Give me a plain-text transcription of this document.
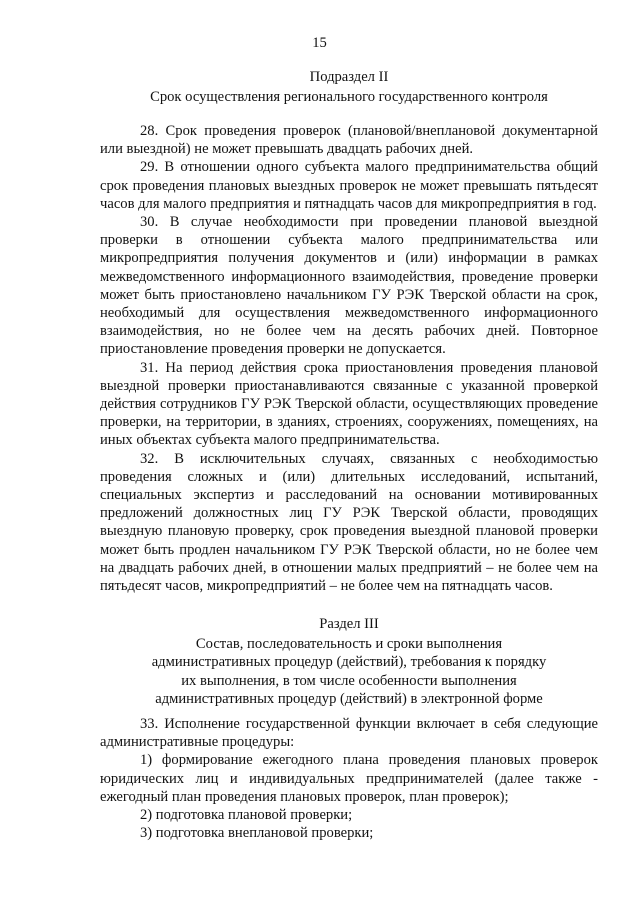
15

Подраздел II

Срок осуществления регионального государственного контроля

28. Срок проведения проверок (плановой/внеплановой документарной или выездной) не может превышать двадцать рабочих дней.

29. В отношении одного субъекта малого предпринимательства общий срок проведения плановых выездных проверок не может превышать пятьдесят часов для малого предприятия и пятнадцать часов для микропредприятия в год.

30. В случае необходимости при проведении плановой выездной проверки в отношении субъекта малого предпринимательства или микропредприятия получения документов и (или) информации в рамках межведомственного информационного взаимодействия, проведение проверки может быть приостановлено начальником ГУ РЭК Тверской области на срок, необходимый для осуществления межведомственного информационного взаимодействия, но не более чем на десять рабочих дней. Повторное приостановление проведения проверки не допускается.

31. На период действия срока приостановления проведения плановой выездной проверки приостанавливаются связанные с указанной проверкой действия сотрудников ГУ РЭК Тверской области, осуществляющих проведение проверки, на территории, в зданиях, строениях, сооружениях, помещениях, на иных объектах субъекта малого предпринимательства.

32. В исключительных случаях, связанных с необходимостью проведения сложных и (или) длительных исследований, испытаний, специальных экспертиз и расследований на основании мотивированных предложений должностных лиц ГУ РЭК Тверской области, проводящих выездную плановую проверку, срок проведения выездной плановой проверки может быть продлен начальником ГУ РЭК Тверской области, но не более чем на двадцать рабочих дней, в отношении малых предприятий – не более чем на пятьдесят часов, микропредприятий – не более чем на пятнадцать часов.

Раздел III

Состав, последовательность и сроки выполнения

административных процедур (действий), требования к порядку

их выполнения, в том числе особенности выполнения

административных процедур (действий) в электронной форме

33. Исполнение государственной функции включает в себя следующие административные процедуры:

1) формирование ежегодного плана проведения плановых проверок юридических лиц и индивидуальных предпринимателей (далее также - ежегодный план проведения плановых проверок, план проверок);

2) подготовка плановой проверки;

3) подготовка внеплановой проверки;
